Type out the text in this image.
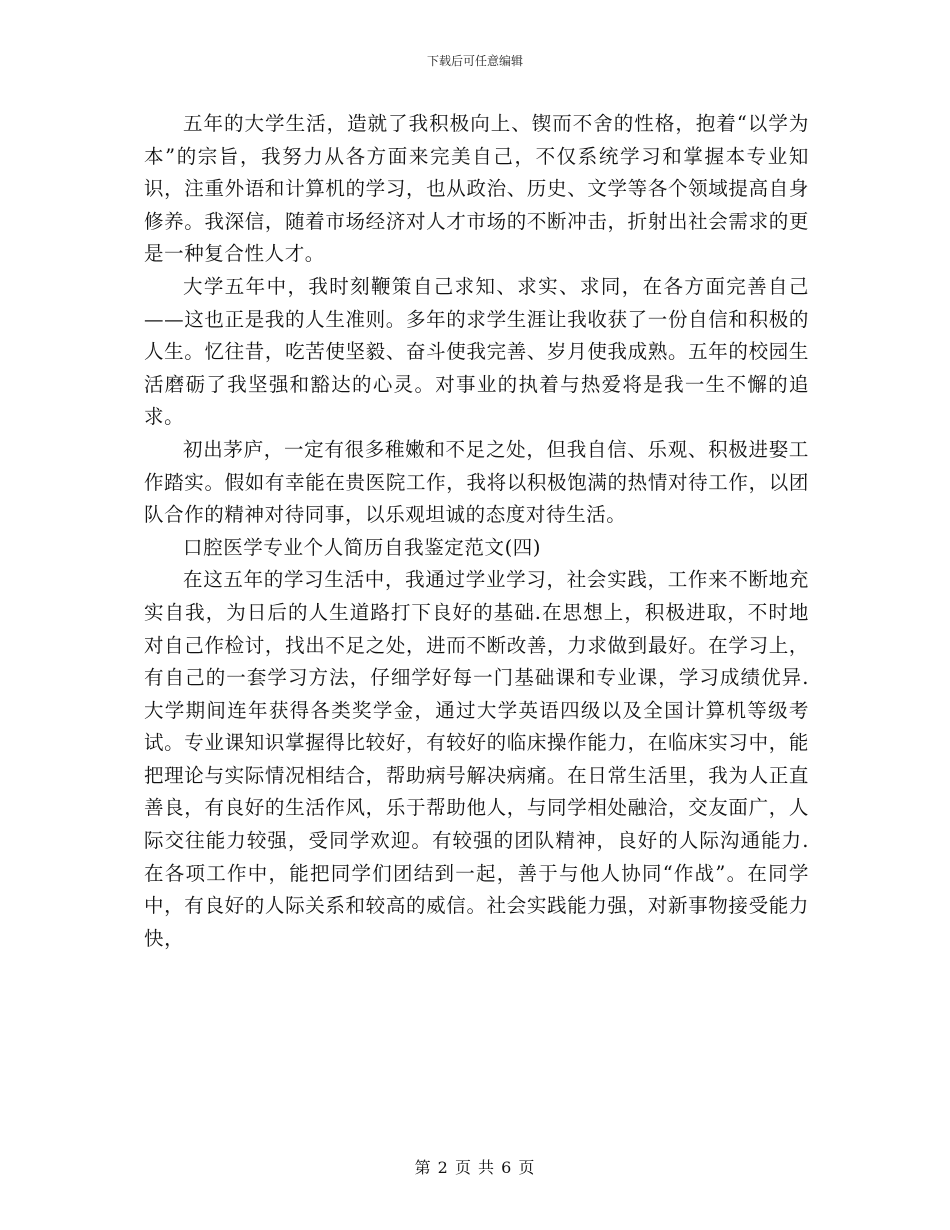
下载后可任意编辑

五年的大学生活，造就了我积极向上、锲而不舍的性格，抱着“以学为本”的宗旨，我努力从各方面来完美自己，不仅系统学习和掌握本专业知识，注重外语和计算机的学习，也从政治、历史、文学等各个领域提高自身修养。我深信，随着市场经济对人才市场的不断冲击，折射出社会需求的更是一种复合性人才。

大学五年中，我时刻鞭策自己求知、求实、求同，在各方面完善自己——这也正是我的人生准则。多年的求学生涯让我收获了一份自信和积极的人生。忆往昔，吃苦使坚毅、奋斗使我完善、岁月使我成熟。五年的校园生活磨砺了我坚强和豁达的心灵。对事业的执着与热爱将是我一生不懈的追求。

初出茅庐，一定有很多稚嫩和不足之处，但我自信、乐观、积极进娶工作踏实。假如有幸能在贵医院工作，我将以积极饱满的热情对待工作，以团队合作的精神对待同事，以乐观坦诚的态度对待生活。

口腔医学专业个人简历自我鉴定范文(四)

在这五年的学习生活中，我通过学业学习，社会实践，工作来不断地充实自我，为日后的人生道路打下良好的基础.在思想上，积极进取，不时地对自己作检讨，找出不足之处，进而不断改善，力求做到最好。在学习上，有自己的一套学习方法，仔细学好每一门基础课和专业课，学习成绩优异.大学期间连年获得各类奖学金，通过大学英语四级以及全国计算机等级考试。专业课知识掌握得比较好，有较好的临床操作能力，在临床实习中，能把理论与实际情况相结合，帮助病号解决病痛。在日常生活里，我为人正直善良，有良好的生活作风，乐于帮助他人，与同学相处融洽，交友面广，人际交往能力较强，受同学欢迎。有较强的团队精神，良好的人际沟通能力.在各项工作中，能把同学们团结到一起，善于与他人协同“作战”。在同学中，有良好的人际关系和较高的威信。社会实践能力强，对新事物接受能力快，

第 2 页 共 6 页
